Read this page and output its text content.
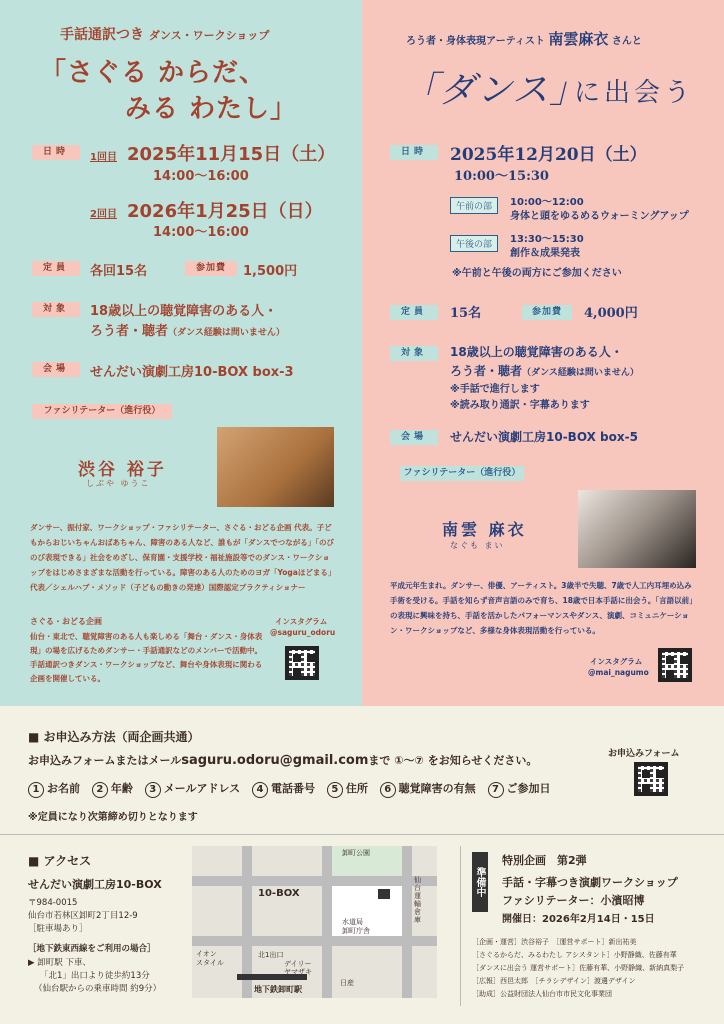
手話通訳つき ダンス・ワークショップ
「さぐる からだ、
みる わたし」
日時	1回目 2025年11月15日（土）
14:00〜16:00
2回目 2026年1月25日（日）
14:00〜16:00
定員	各回15名	参加費	1,500円
対象	18歳以上の聴覚障害のある人・
ろう者・聴者（ダンス経験は問いません）
会場	せんだい演劇工房10-BOX box-3
ファシリテーター（進行役）
渋谷 裕子
しぶや ゆうこ
ダンサー、振付家、ワークショップ・ファシリテーター、さぐる・おどる企画 代表。子どもからおじいちゃんおばあちゃん、障害のある人など、誰もが「ダンスでつながる」「のびのび表現できる」社会をめざし、保育園・支援学校・福祉施設等でのダンス・ワークショップをはじめさまざまな活動を行っている。障害のある人のためのヨガ「Yogaほどまる」代表／シェルハブ・メソッド（子どもの動きの発達）国際認定プラクティショナー
さぐる・おどる企画
仙台・東北で、聴覚障害のある人も楽しめる「舞台・ダンス・身体表現」の場を広げるためダンサー・手話通訳などのメンバーで活動中。手話通訳つきダンス・ワークショップなど、舞台や身体表現に関わる企画を開催している。
インスタグラム
@saguru_odoru
ろう者・身体表現アーティスト 南雲麻衣 さんと
「ダンス」
に出会う
日時	2025年12月20日（土）
10:00〜15:30
午前の部	10:00〜12:00
身体と頭をゆるめるウォーミングアップ
午後の部	13:30〜15:30
創作＆成果発表
※午前と午後の両方にご参加ください
定員	15名	参加費	4,000円
対象	18歳以上の聴覚障害のある人・
ろう者・聴者（ダンス経験は問いません）
※手話で進行します
※読み取り通訳・字幕あります
会場	せんだい演劇工房10-BOX box-5
ファシリテーター（進行役）
南雲 麻衣
なぐも まい
平成元年生まれ。ダンサー、俳優、アーティスト。3歳半で失聴、7歳で人工内耳埋め込み手術を受ける。手話を知らず音声言語のみで育ち、18歳で日本手話に出会う。「言語以前」の表現に興味を持ち、手話を活かしたパフォーマンスやダンス、演劇、コミュニケーション・ワークショップなど、多様な身体表現活動を行っている。
インスタグラム
@mai_nagumo
■ お申込み方法（両企画共通）
お申込みフォームまたはメールsaguru.odoru@gmail.comまで ①〜⑦ をお知らせください。
1 お名前 2 年齢 3 メールアドレス 4 電話番号 5 住所 6 聴覚障害の有無 7 ご参加日
※定員になり次第締め切りとなります
お申込みフォーム
■ アクセス
せんだい演劇工房10-BOX
〒984-0015
仙台市若林区卸町2丁目12-9
［駐車場あり］
［地下鉄東西線をご利用の場合］
▶ 卸町駅 下車、
「北1」出口より徒歩約13分
（仙台駅からの乗車時間 約9分）
卸町公園
10-BOX
仙台運輸倉庫
水道局
卸町庁舎
北1出口
イオン
スタイル	デイリー
ヤマザキ
地下鉄卸町駅
日産
準備中
特別企画　第2弾
手話・字幕つき演劇ワークショップ
ファシリテーター：小濱昭博
開催日：2026年2月14日・15日
［企画・運営］渋谷裕子　［運営サポート］新出祐美
［さぐるからだ、みるわたし アシスタント］小野静織、佐藤有華
［ダンスに出会う 運営サポート］佐藤有華、小野静織、新納真梨子
［広報］西邑太郎　［チラシデザイン］渡邊デザイン
［助成］公益財団法人仙台市市民文化事業団
